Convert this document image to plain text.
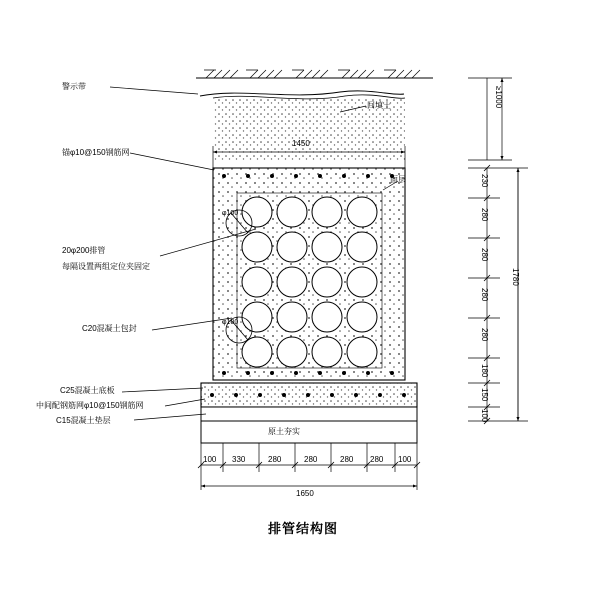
警示带
回填土
锚φ10@150钢筋网
面层
20φ200排管
每隔设置两组定位夹固定
C20混凝土包封
C25混凝土底板
中间配钢筋网φ10@150钢筋网
C15混凝土垫层
原土夯实
φ100
φ100
1450
1650
100 330	280	280	280 280 100
≥1000
1780
230
280
280
280
280
180
150
100
排管结构图
